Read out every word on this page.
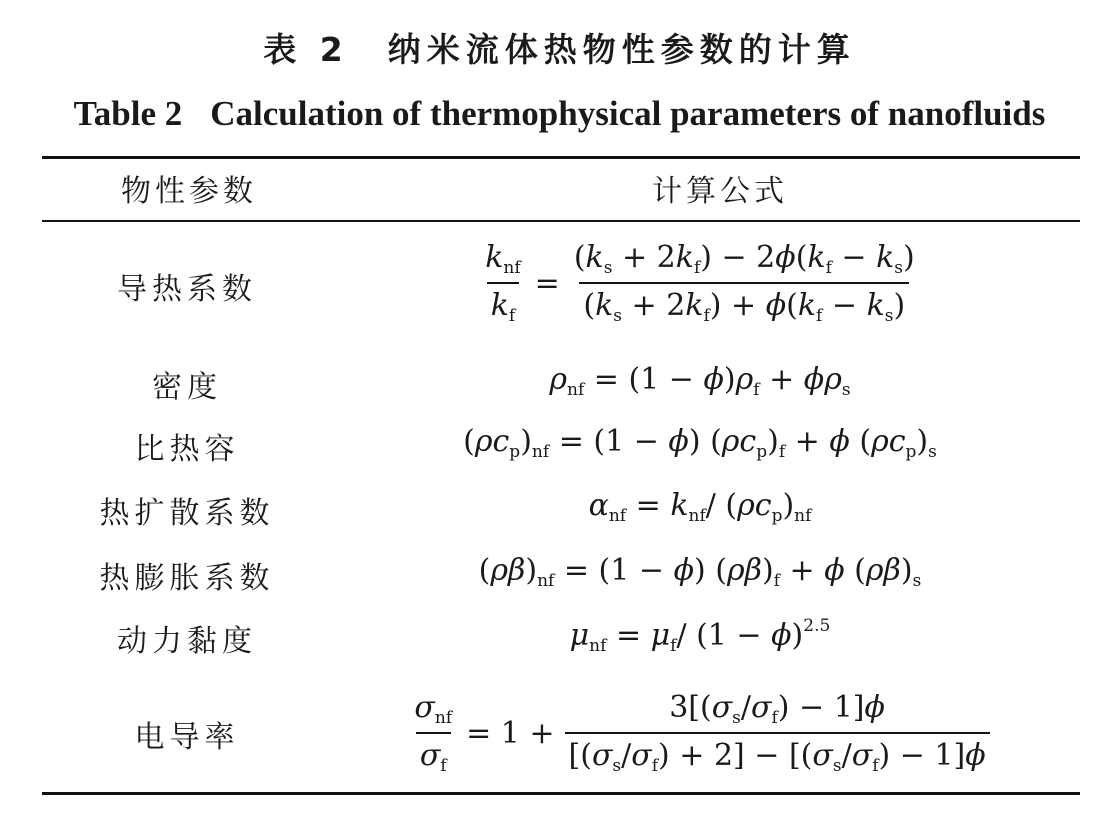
表 2　纳米流体热物性参数的计算
Table 2 Calculation of thermophysical parameters of nanofluids
物性参数	计算公式
导热系数	$\frac{k_{nf}}{k_f} = \frac{(k_s + 2k_f) - 2\phi(k_f - k_s)}{(k_s + 2k_f) + \phi(k_f - k_s)}$
密度	$\rho_{nf} = (1 - \phi)\rho_f + \phi\rho_s$
比热容	$(\rho c_p)_{nf} = (1 - \phi) (\rho c_p)_f + \phi$ $(\rho c_p)_s$
热扩散系数	$\alpha_{nf} = k_{nf}/$ $(\rho c_p)_{nf}$
热膨胀系数	$(\rho\beta)_{nf} = (1 - \phi) (\rho\beta)_f + \phi$ $(\rho\beta)_s$
动力黏度	$\mu_{nf} = \mu_f/$ $(1 - \phi)^{2.5}$
电导率	$\frac{\sigma_{nf}}{\sigma_f} = 1 + \frac{3[(\sigma_s/\sigma_f) - 1]\phi}{[(\sigma_s/\sigma_f) + 2] - [(\sigma_s/\sigma_f) - 1]\phi}$
